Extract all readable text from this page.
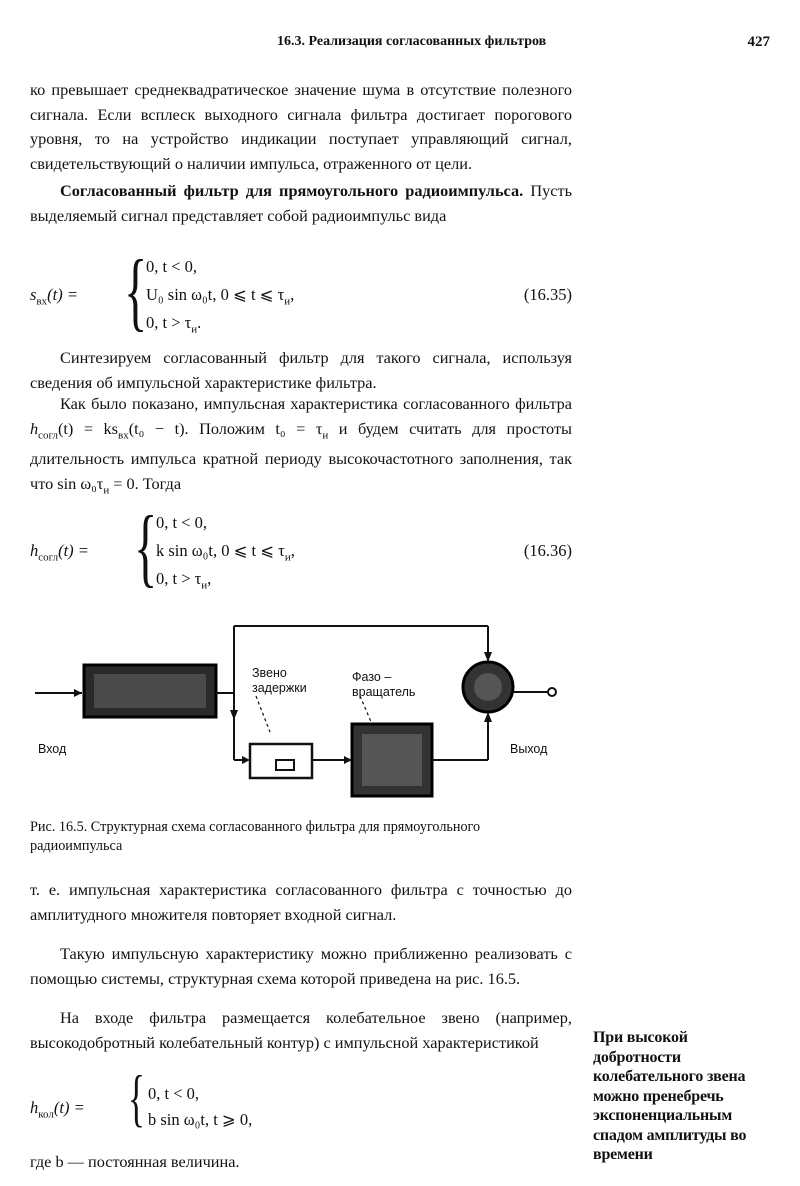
16.3. Реализация согласованных фильтров	427

ко превышает среднеквадратическое значение шума в отсутствие полезного сигнала. Если всплеск выходного сигнала фильтра достигает порогового уровня, то на устройство индикации поступает управляющий сигнал, свидетельствующий о наличии импульса, отраженного от цели.

Согласованный фильтр для прямоугольного радиоимпульса. Пусть выделяемый сигнал представляет собой радиоимпульс вида

$s_{вх}(t)$ = {
0, t < 0,
U₀ sin ω₀t, 0 ⩽ t ⩽ $\tau_и$,
0, $t > \tau_и$.
(16.35)

Синтезируем согласованный фильтр для такого сигнала, используя сведения об импульсной характеристике фильтра.

Как было показано, импульсная характеристика согласованного фильтра $h_{согл}(t) = ks_{вх}(t_0 - t)$. Положим $t_0 = \tau_и$ и будем считать для простоты длительность импульса кратной периоду высокочастотного заполнения, так что $\sin \omega_0\tau_и = 0$. Тогда

$h_{согл}(t)$ = {
0, t < 0,
k sin ω₀t, 0 ⩽ t ⩽ $\tau_и$,
0, $t > \tau_и$,
(16.36)
Звено
задержки
Фазо –
вращатель
Вход	Выход
Рис. 16.5. Структурная схема согласованного фильтра для прямоугольного радиоимпульса

т. е. импульсная характеристика согласованного фильтра с точностью до амплитудного множителя повторяет входной сигнал.

Такую импульсную характеристику можно приближенно реализовать с помощью системы, структурная схема которой приведена на рис. 16.5.

На входе фильтра размещается колебательное звено (например, высокодобротный колебательный контур) с импульсной характеристикой

$h_{кол}(t)$ = { 0, t < 0,
b sin ω₀t, t ⩾ 0,

где b — постоянная величина.

При высокой добротности колебательного звена можно пренебречь экспоненциальным спадом амплитуды во времени
